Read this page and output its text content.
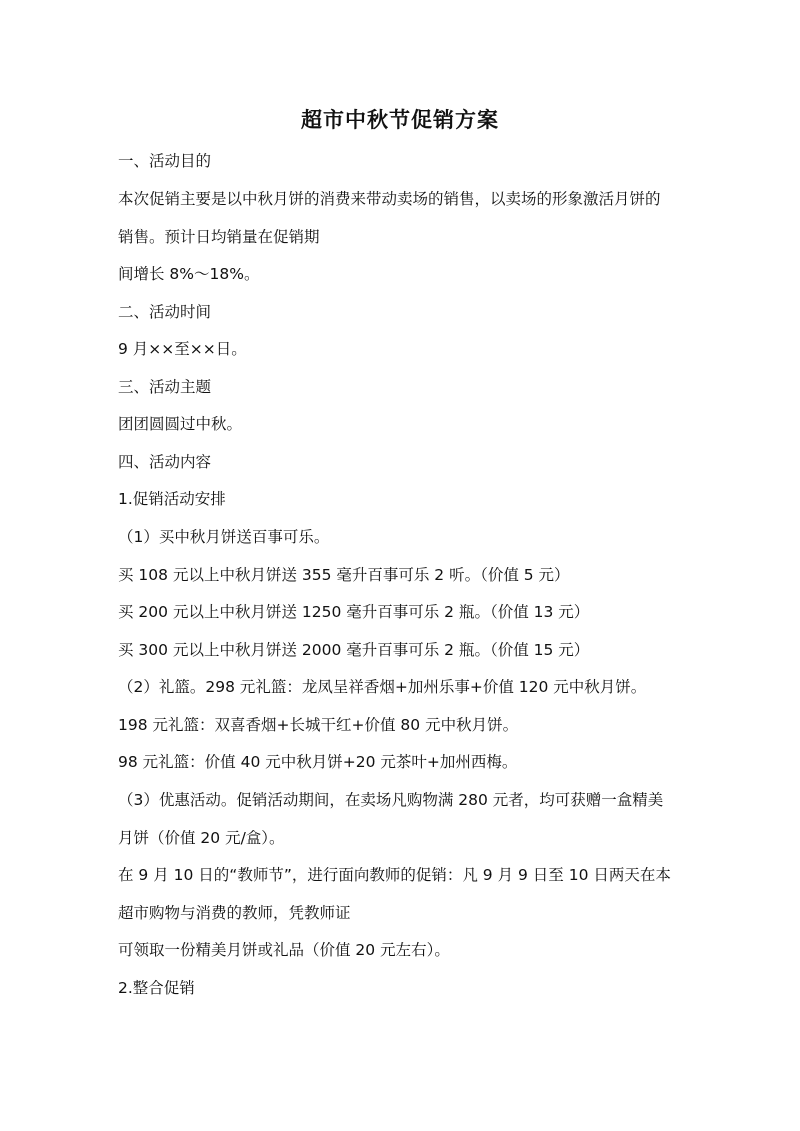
超市中秋节促销方案
一、活动目的
本次促销主要是以中秋月饼的消费来带动卖场的销售，以卖场的形象激活月饼的
销售。预计日均销量在促销期
间增长 8%～18%。
二、活动时间
9 月××至××日。
三、活动主题
团团圆圆过中秋。
四、活动内容
1.促销活动安排
（1）买中秋月饼送百事可乐。
买 108 元以上中秋月饼送 355 毫升百事可乐 2 听。（价值 5 元）
买 200 元以上中秋月饼送 1250 毫升百事可乐 2 瓶。（价值 13 元）
买 300 元以上中秋月饼送 2000 毫升百事可乐 2 瓶。（价值 15 元）
（2）礼篮。298 元礼篮：龙凤呈祥香烟+加州乐事+价值 120 元中秋月饼。
198 元礼篮：双喜香烟+长城干红+价值 80 元中秋月饼。
98 元礼篮：价值 40 元中秋月饼+20 元茶叶+加州西梅。
（3）优惠活动。促销活动期间，在卖场凡购物满 280 元者，均可获赠一盒精美
月饼（价值 20 元/盒）。
在 9 月 10 日的“教师节”，进行面向教师的促销：凡 9 月 9 日至 10 日两天在本
超市购物与消费的教师，凭教师证
可领取一份精美月饼或礼品（价值 20 元左右）。
2.整合促销
